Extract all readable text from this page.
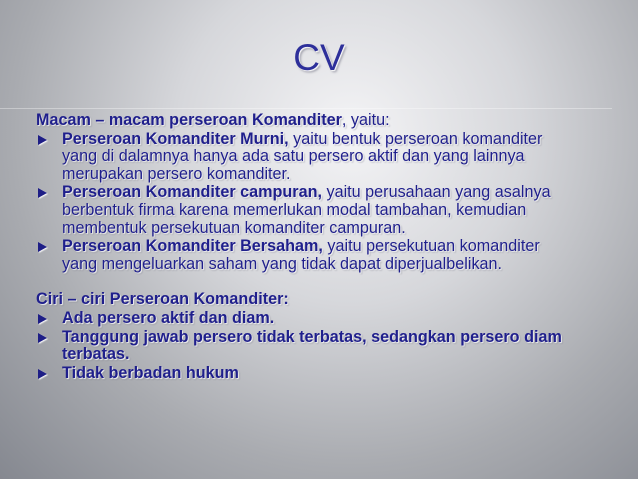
CV

Macam – macam perseroan Komanditer, yaitu:

Perseroan Komanditer Murni, yaitu bentuk perseroan komanditer
yang di dalamnya hanya ada satu persero aktif dan yang lainnya
merupakan persero komanditer.
Perseroan Komanditer campuran, yaitu perusahaan yang asalnya
berbentuk firma karena memerlukan modal tambahan, kemudian
membentuk persekutuan komanditer campuran.
Perseroan Komanditer Bersaham, yaitu persekutuan komanditer
yang mengeluarkan saham yang tidak dapat diperjualbelikan.

Ciri – ciri Perseroan Komanditer:

Ada persero aktif dan diam.
Tanggung jawab persero tidak terbatas, sedangkan persero diam
terbatas.
Tidak berbadan hukum
